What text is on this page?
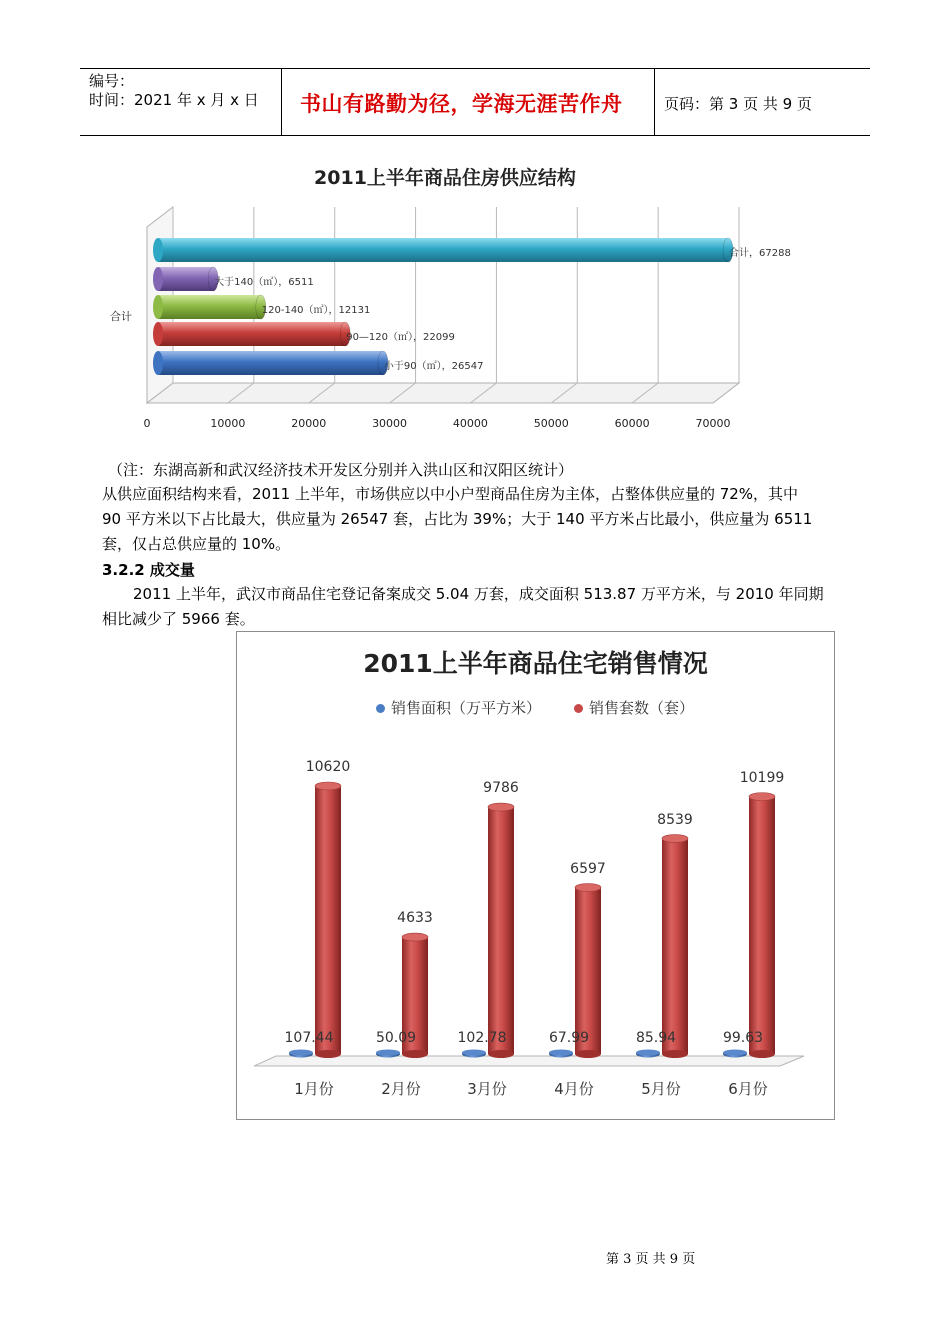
编号：
时间：2021 年 x 月 x 日 书山有路勤为径，学海无涯苦作舟	页码：第 3 页 共 9 页
2011上半年商品住房供应结构
合计
0	10000	20000	30000	40000	50000	60000	70000
合计，67288
大于140（㎡），6511
120-140（㎡），12131
90—120（㎡），22099
小于90（㎡），26547
（注：东湖高新和武汉经济技术开发区分别并入洪山区和汉阳区统计）
从供应面积结构来看，2011 上半年，市场供应以中小户型商品住房为主体，占整体供应量的 72%，其中
90 平方米以下占比最大，供应量为 26547 套，占比为 39%；大于 140 平方米占比最小，供应量为 6511
套，仅占总供应量的 10%。
3.2.2 成交量
2011 上半年，武汉市商品住宅登记备案成交 5.04 万套，成交面积 513.87 万平方米，与 2010 年同期
相比减少了 5966 套。
2011上半年商品住宅销售情况
销售面积（万平方米）	销售套数（套）
10620
107.44
1月份
4633
50.09
2月份
9786
102.78
3月份
6597
67.99
4月份
8539
85.94
5月份
10199
99.63
6月份
第 3 页 共 9 页
